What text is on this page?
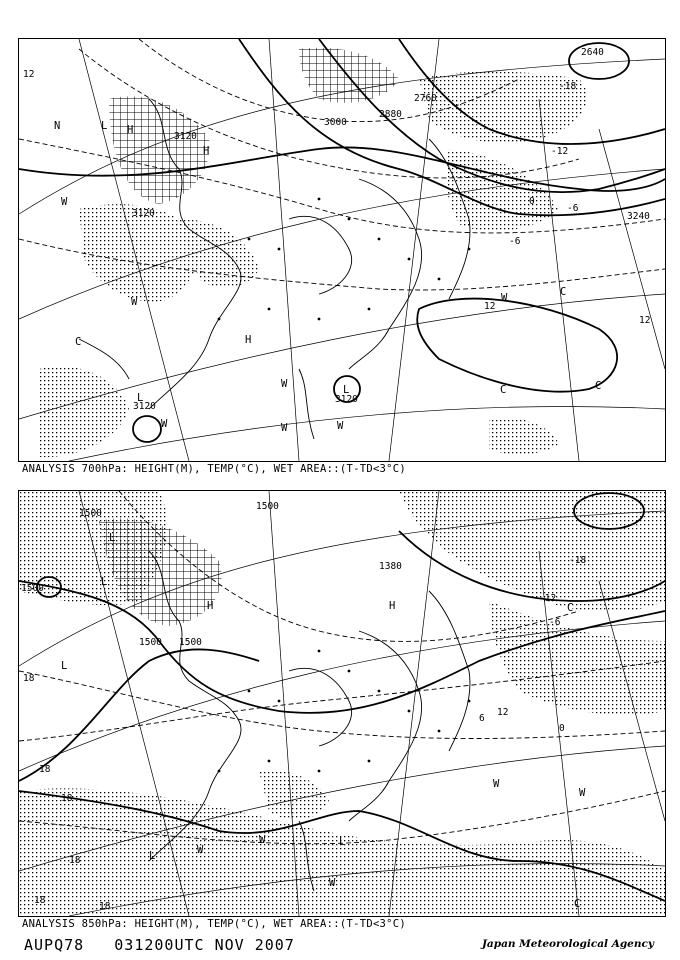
3120
3120
3000
2880
2760
2640
3240
3120
3120
12
-12
-18
-6
0
-6
12
12
L H
H
W	W
C
C
C	C
W
H
W
W
L
L
N
W
W
ANALYSIS 700hPa: HEIGHT(M), TEMP(°C), WET AREA::(T-TD<3°C)
1500
1500
1500
1500 1500
1380
-18
-12
-6
0
6
12
18
18
18
18
18
18
L
L
H
L
L
W
W
L
W
W
W
C
H
C
ANALYSIS 850hPa: HEIGHT(M), TEMP(°C), WET AREA::(T-TD<3°C)
AUPQ78 031200UTC NOV 2007	Japan Meteorological Agency
